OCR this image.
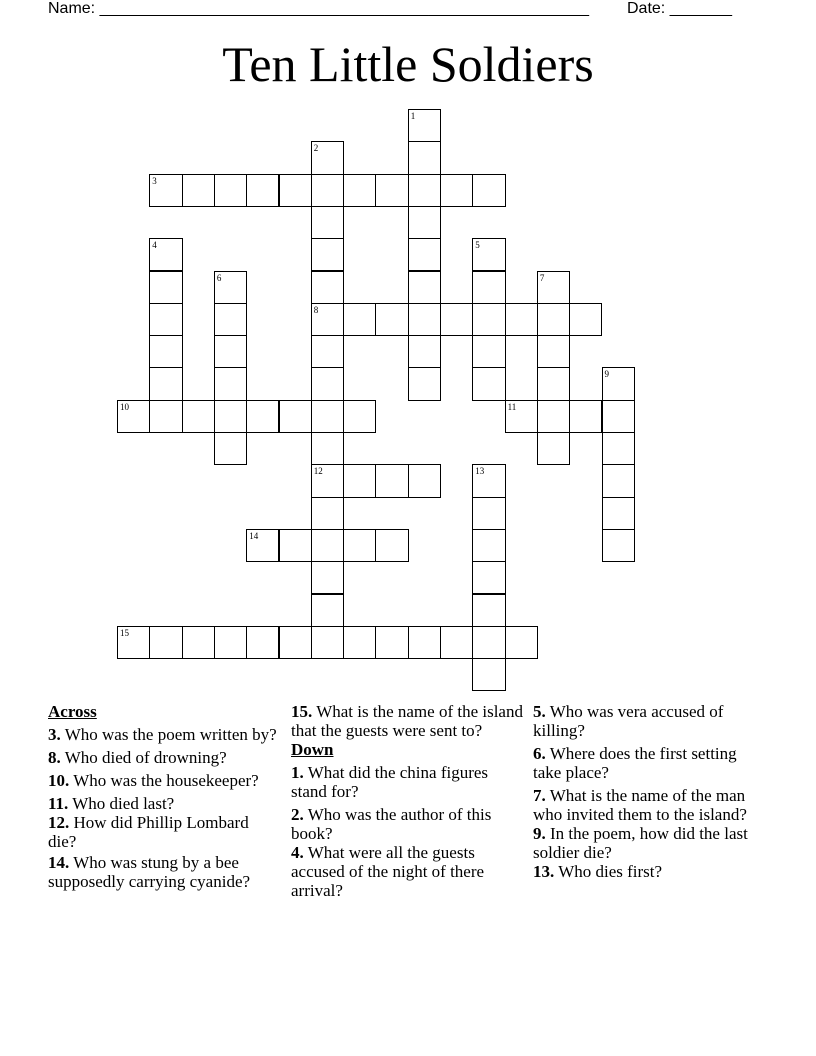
Name: _______________________________________________________ Date: _______
Ten Little Soldiers
1
2
8
12
3
4	5
6	7
9
10	11
13
14
15
Across
3. Who was the poem written by?
8. Who died of drowning?
10. Who was the housekeeper?
11. Who died last?
12. How did Phillip Lombard die?
14. Who was stung by a bee supposedly carrying cyanide?
15. What is the name of the island that the guests were sent to?
Down
1. What did the china figures stand for?
2. Who was the author of this book?
4. What were all the guests accused of the night of there arrival?
5. Who was vera accused of killing?
6. Where does the first setting take place?
7. What is the name of the man who invited them to the island?
9. In the poem, how did the last soldier die?
13. Who dies first?
